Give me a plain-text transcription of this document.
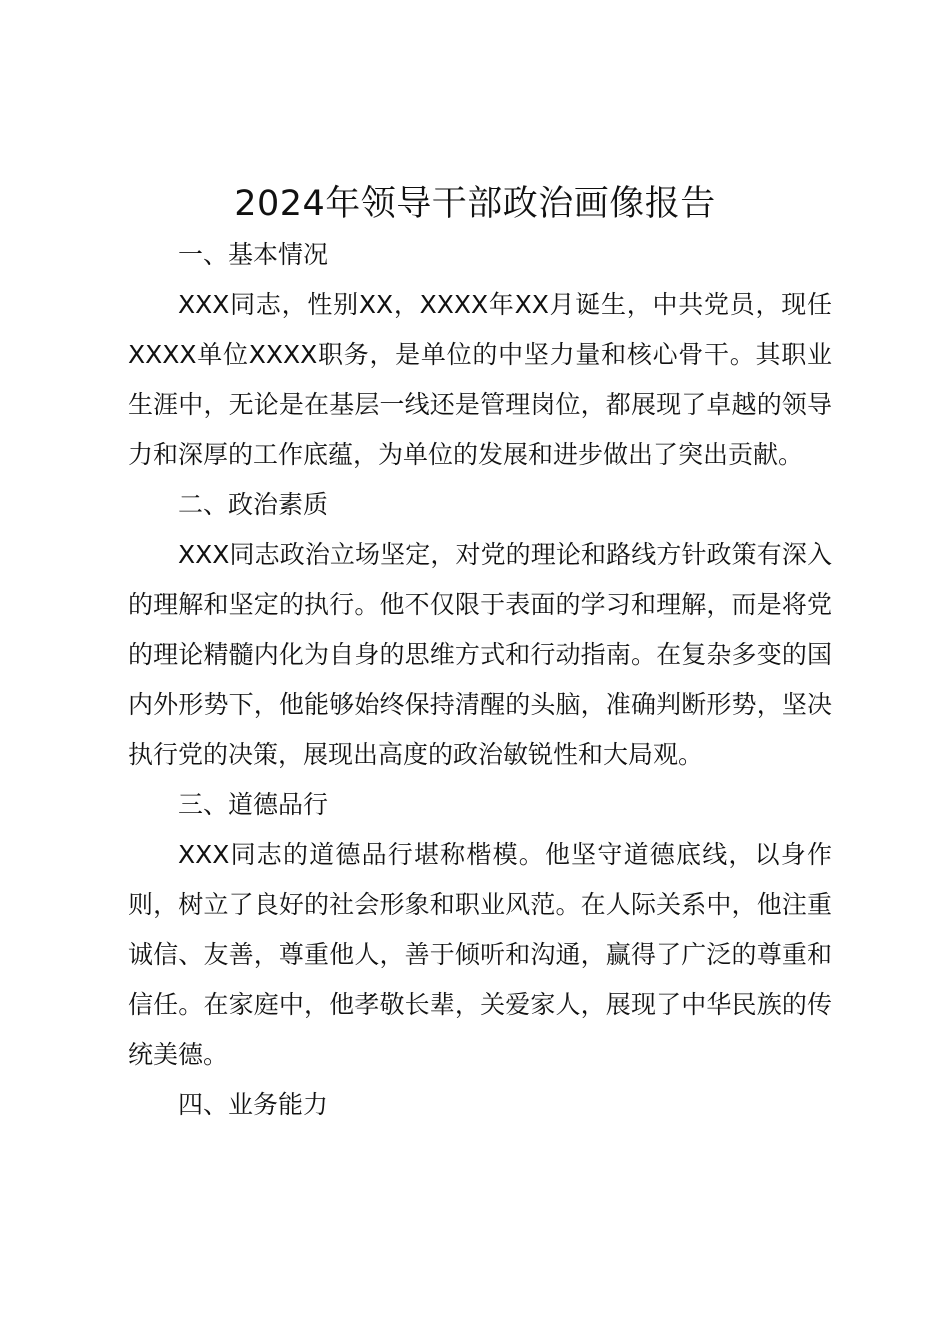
2024年领导干部政治画像报告
一、基本情况

XXX同志，性别XX，XXXX年XX月诞生，中共党员，现任XXXX单位XXXX职务，是单位的中坚力量和核心骨干。其职业生涯中，无论是在基层一线还是管理岗位，都展现了卓越的领导力和深厚的工作底蕴，为单位的发展和进步做出了突出贡献。

二、政治素质

XXX同志政治立场坚定，对党的理论和路线方针政策有深入的理解和坚定的执行。他不仅限于表面的学习和理解，而是将党的理论精髓内化为自身的思维方式和行动指南。在复杂多变的国内外形势下，他能够始终保持清醒的头脑，准确判断形势，坚决执行党的决策，展现出高度的政治敏锐性和大局观。

三、道德品行

XXX同志的道德品行堪称楷模。他坚守道德底线，以身作则，树立了良好的社会形象和职业风范。在人际关系中，他注重诚信、友善，尊重他人，善于倾听和沟通，赢得了广泛的尊重和信任。在家庭中，他孝敬长辈，关爱家人，展现了中华民族的传统美德。

四、业务能力
